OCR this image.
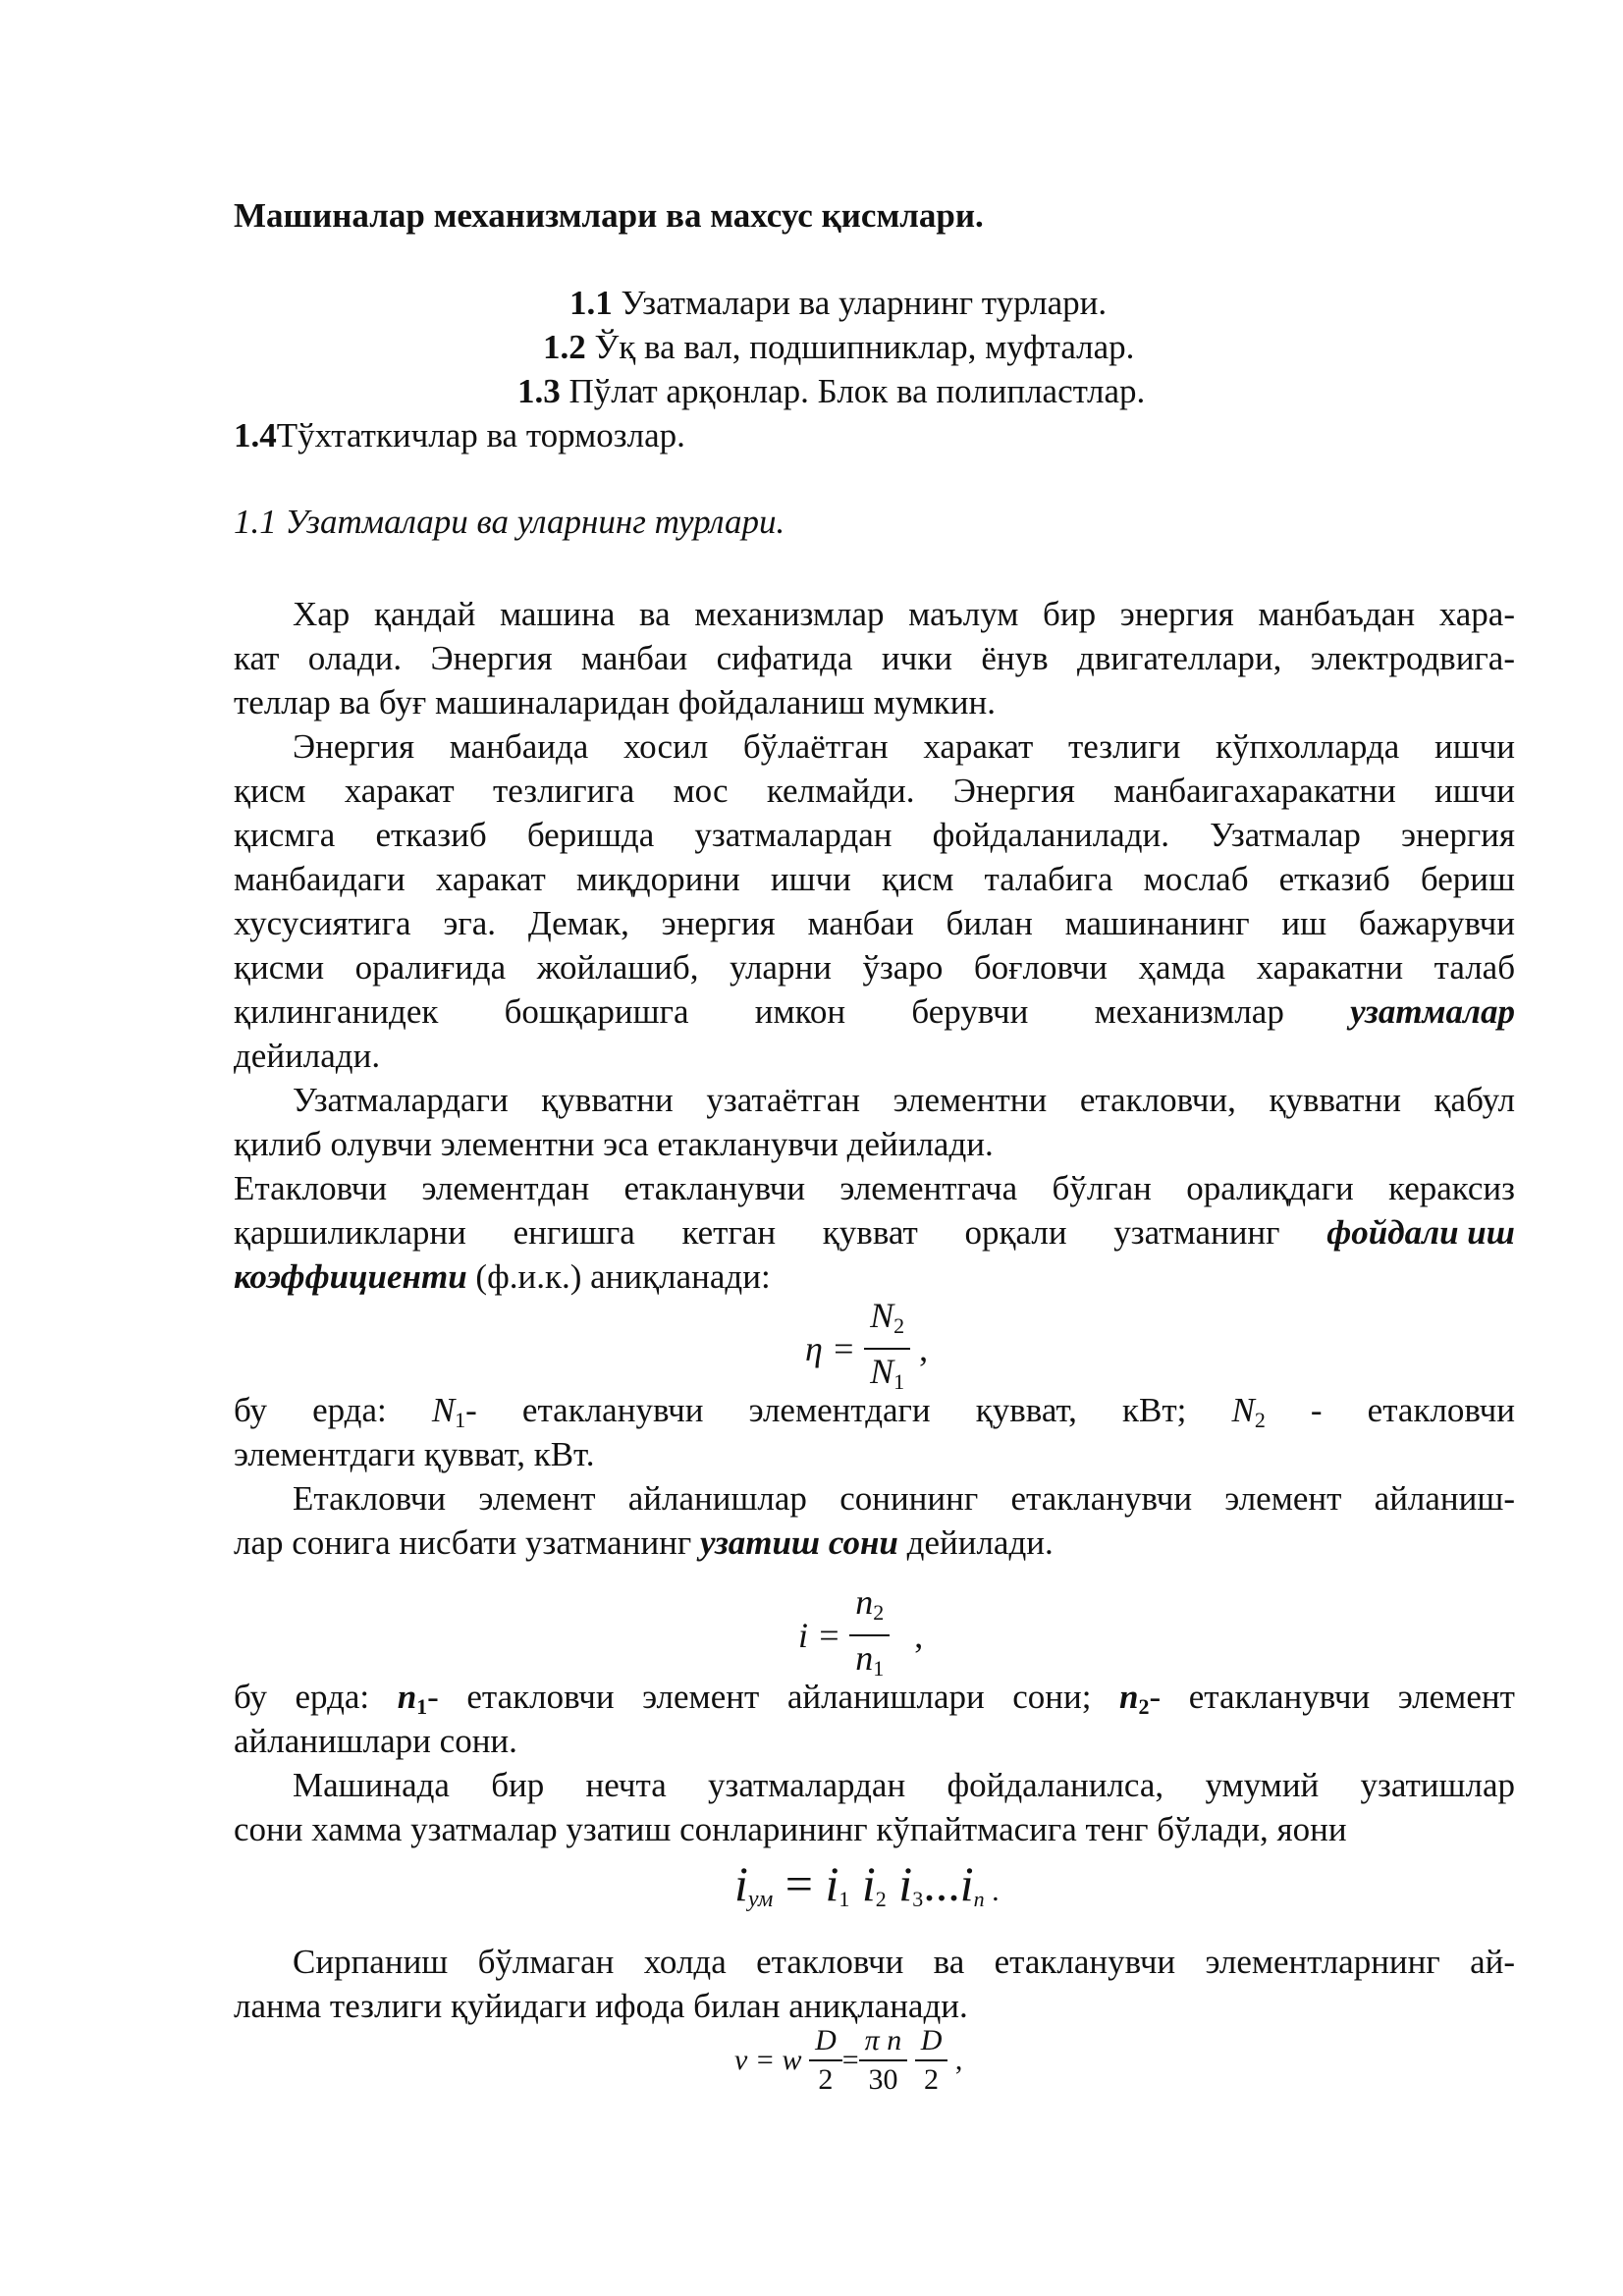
Машиналар механизмлари ва махсус қисмлари.
1.1 Узатмалари ва уларнинг турлари.
1.2 Ўқ ва вал, подшипниклар, муфталар.
1.3 Пўлат арқонлар. Блок ва полипластлар.
1.4Тўхтаткичлар ва тормозлар.
1.1 Узатмалари ва уларнинг турлари.
Хар қандай машина ва механизмлар маълум бир энергия манбаъдан хара-
кат олади. Энергия манбаи сифатида ички ёнув двигателлари, электродвига-
теллар ва буғ машиналаридан фойдаланиш мумкин.
Энергия манбаида хосил бўлаётган харакат тезлиги кўпхолларда ишчи
қисм харакат тезлигига мос келмайди. Энергия манбаигахаракатни ишчи
қисмга етказиб беришда узатмалардан фойдаланилади. Узатмалар энергия
манбаидаги харакат миқдорини ишчи қисм талабига мослаб етказиб бериш
хусусиятига эга. Демак, энергия манбаи билан машинанинг иш бажарувчи
қисми оралиғида жойлашиб, уларни ўзаро боғловчи ҳамда харакатни талаб
қилинганидек бошқаришга имкон берувчи механизмлар узатмалар
дейилади.
Узатмалардаги қувватни узатаётган элементни етакловчи, қувватни қабул
қилиб олувчи элементни эса етакланувчи дейилади.
Етакловчи элементдан етакланувчи элементгача бўлган оралиқдаги кераксиз
қаршиликларни енгишга кетган қувват орқали узатманинг фойдали иш
коэффициенти (ф.и.к.) аниқланади:
$\eta = \frac{N_2}{N_1}$ ,
бу ерда: $N_1-$ етакланувчи элементдаги қувват, кВт; $N_2$ - етакловчи
элементдаги қувват, кВт.
Етакловчи элемент айланишлар сонининг етакланувчи элемент айланиш-
лар сонига нисбати узатманинг узатиш сони дейилади.
$i = \frac{n_2}{n_1}$ ,
бу ерда: $n_1-$ етакловчи элемент айланишлари сони; $n_2-$ етакланувчи элемент
айланишлари сони.
Машинада бир нечта узатмалардан фойдаланилса, умумий узатишлар
сони хамма узатмалар узатиш сонларининг кўпайтмасига тенг бўлади, яони
$i_{ум} = i_1$ $i_2$ $i_3...i_n$ .
Сирпаниш бўлмаган холда етакловчи ва етакланувчи элементларнинг ай-
ланма тезлиги қуйидаги ифода билан аниқланади.
v = w $\frac{D}{2} = \frac{\text{π n}}{30}$
$\frac{D}{2}$ ,
